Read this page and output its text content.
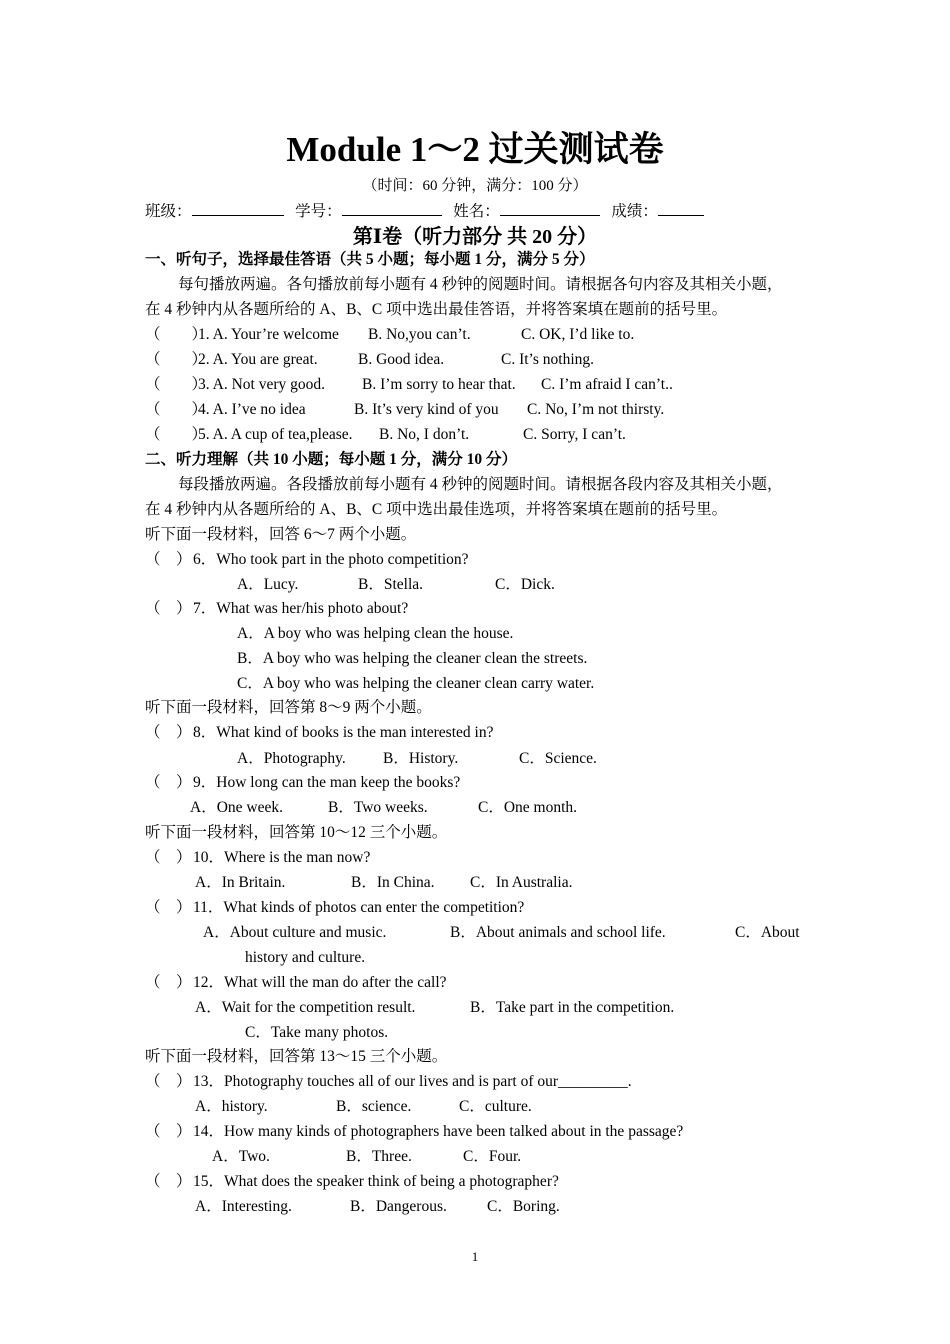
Module 1～2 过关测试卷
（时间：60 分钟，满分：100 分）
班级：	学号：	姓名：	成绩：
第Ⅰ卷（听力部分 共 20 分）
一、听句子，选择最佳答语（共 5 小题；每小题 1 分，满分 5 分）
每句播放两遍。各句播放前每小题有 4 秒钟的阅题时间。请根据各句内容及其相关小题，
在 4 秒钟内从各题所给的 A、B、C 项中选出最佳答语，并将答案填在题前的括号里。
（　　）
1. A. Your’re welcome B. No,you can’t.	C. OK, I’d like to.
（　　）
2. A. You are great.	B. Good idea.	C. It’s nothing.
（　　）
3. A. Not very good. B. I’m sorry to hear that. C. I’m afraid I can’t..
（　　）
4. A. I’ve no idea	B. It’s very kind of you C. No, I’m not thirsty.
（　　）
5. A. A cup of tea,please. B. No, I don’t.	C. Sorry, I can’t.
二、听力理解（共 10 小题；每小题 1 分，满分 10 分）
每段播放两遍。各段播放前每小题有 4 秒钟的阅题时间。请根据各段内容及其相关小题，
在 4 秒钟内从各题所给的 A、B、C 项中选出最佳选项，并将答案填在题前的括号里。
听下面一段材料，回答 6～7 两个小题。
（　） 6．Who took part in the photo competition?
A．Lucy.	B．Stella.	C．Dick.
（　） 7．What was her/his photo about?
A．A boy who was helping clean the house.
B．A boy who was helping the cleaner clean the streets.
C．A boy who was helping the cleaner clean carry water.
听下面一段材料，回答第 8～9 两个小题。
（　） 8．What kind of books is the man interested in?
A．Photography. B．History.	C．Science.
（　） 9．How long can the man keep the books?
A．One week.	B．Two weeks.	C．One month.
听下面一段材料，回答第 10～12 三个小题。
（　） 10．Where is the man now?
A．In Britain.	B．In China. C．In Australia.
（　） 11．What kinds of photos can enter the competition?
A．About culture and music.	B．About animals and school life.	C．About
history and culture.
（　） 12．What will the man do after the call?
A．Wait for the competition result.	B．Take part in the competition.
C．Take many photos.
听下面一段材料，回答第 13～15 三个小题。
（　） 13．Photography touches all of our lives and is part of our_________.
A．history.	B．science.	C．culture.
（　） 14．How many kinds of photographers have been talked about in the passage?
A．Two.	B．Three.	C．Four.
（　） 15．What does the speaker think of being a photographer?
A．Interesting.	B．Dangerous.	C．Boring.
1
